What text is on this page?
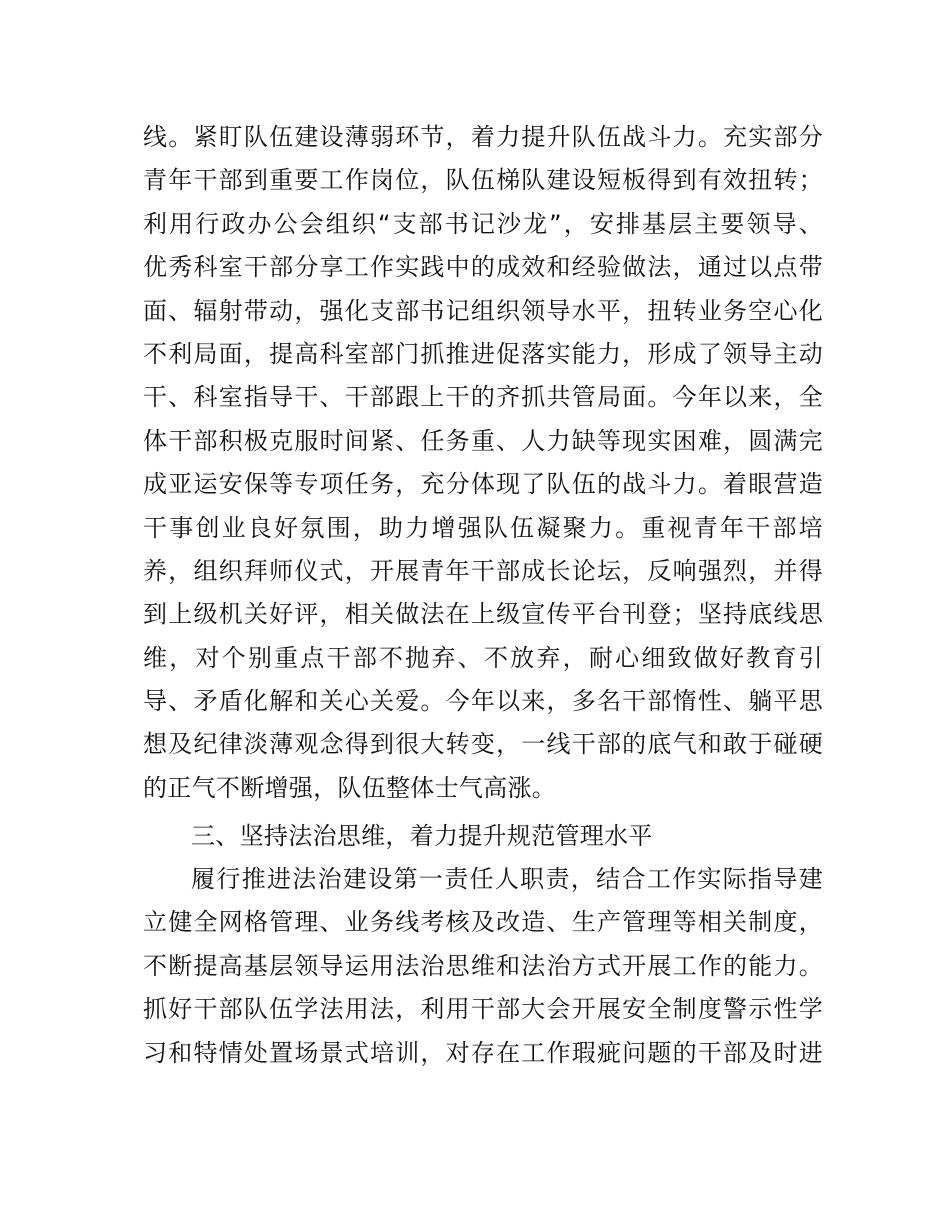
线。紧盯队伍建设薄弱环节，着力提升队伍战斗力。充实部分
青年干部到重要工作岗位，队伍梯队建设短板得到有效扭转；
利用行政办公会组织“支部书记沙龙”，安排基层主要领导、
优秀科室干部分享工作实践中的成效和经验做法，通过以点带
面、辐射带动，强化支部书记组织领导水平，扭转业务空心化
不利局面，提高科室部门抓推进促落实能力，形成了领导主动
干、科室指导干、干部跟上干的齐抓共管局面。今年以来，全
体干部积极克服时间紧、任务重、人力缺等现实困难，圆满完
成亚运安保等专项任务，充分体现了队伍的战斗力。着眼营造
干事创业良好氛围，助力增强队伍凝聚力。重视青年干部培
养，组织拜师仪式，开展青年干部成长论坛，反响强烈，并得
到上级机关好评，相关做法在上级宣传平台刊登；坚持底线思
维，对个别重点干部不抛弃、不放弃，耐心细致做好教育引
导、矛盾化解和关心关爱。今年以来，多名干部惰性、躺平思
想及纪律淡薄观念得到很大转变，一线干部的底气和敢于碰硬
的正气不断增强，队伍整体士气高涨。
三、坚持法治思维，着力提升规范管理水平
履行推进法治建设第一责任人职责，结合工作实际指导建
立健全网格管理、业务线考核及改造、生产管理等相关制度，
不断提高基层领导运用法治思维和法治方式开展工作的能力。
抓好干部队伍学法用法，利用干部大会开展安全制度警示性学
习和特情处置场景式培训，对存在工作瑕疵问题的干部及时进
